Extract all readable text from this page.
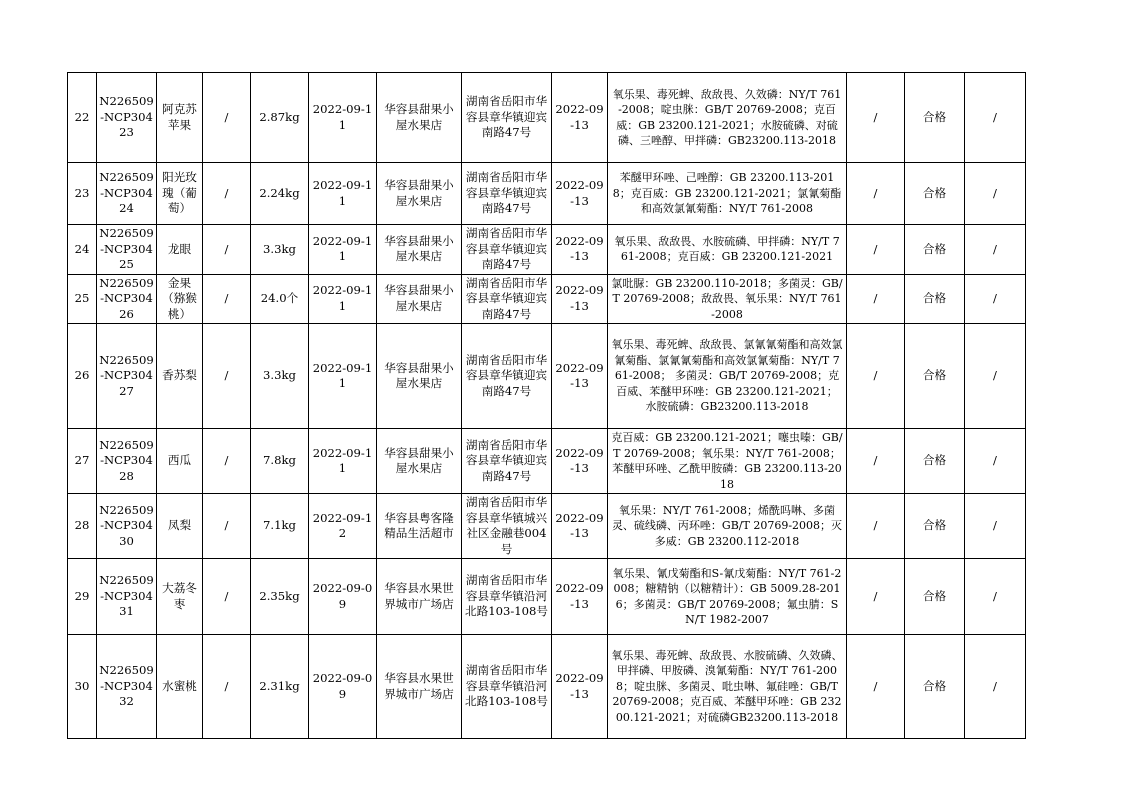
22	N226509-NCP30423	阿克苏苹果	/	2.87kg	2022-09-11	华容县甜果小屋水果店	湖南省岳阳市华容县章华镇迎宾南路47号	2022-09-13	氧乐果、毒死蜱、敌敌畏、久效磷：NY/T 761-2008；啶虫脒：GB/T 20769-2008；克百威：GB 23200.121-2021；水胺硫磷、对硫磷、三唑醇、甲拌磷：GB23200.113-2018	/	合格	/
23	N226509-NCP30424	阳光玫瑰（葡萄）	/	2.24kg	2022-09-11	华容县甜果小屋水果店	湖南省岳阳市华容县章华镇迎宾南路47号	2022-09-13	苯醚甲环唑、己唑醇：GB 23200.113-2018；克百威：GB 23200.121-2021；氯氰菊酯和高效氯氰菊酯：NY/T 761-2008	/	合格	/
24	N226509-NCP30425	龙眼	/	3.3kg	2022-09-11	华容县甜果小屋水果店	湖南省岳阳市华容县章华镇迎宾南路47号	2022-09-13	氧乐果、敌敌畏、水胺硫磷、甲拌磷：NY/T 761-2008；克百威：GB 23200.121-2021	/	合格	/
25	N226509-NCP30426	金果（猕猴桃）	/	24.0个	2022-09-11	华容县甜果小屋水果店	湖南省岳阳市华容县章华镇迎宾南路47号	2022-09-13	氯吡脲：GB 23200.110-2018；多菌灵：GB/T 20769-2008；敌敌畏、氧乐果：NY/T 761-2008	/	合格	/
26	N226509-NCP30427	香苏梨	/	3.3kg	2022-09-11	华容县甜果小屋水果店	湖南省岳阳市华容县章华镇迎宾南路47号	2022-09-13	氧乐果、毒死蜱、敌敌畏、氯氰氰菊酯和高效氯氰菊酯、氯氰氰菊酯和高效氯氰菊酯：NY/T 761-2008； 多菌灵：GB/T 20769-2008；克百威、苯醚甲环唑：GB 23200.121-2021；水胺硫磷：GB23200.113-2018	/	合格	/
27	N226509-NCP30428	西瓜	/	7.8kg	2022-09-11	华容县甜果小屋水果店	湖南省岳阳市华容县章华镇迎宾南路47号	2022-09-13	克百威：GB 23200.121-2021；噻虫嗪：GB/T 20769-2008；氧乐果：NY/T 761-2008；苯醚甲环唑、乙酰甲胺磷：GB 23200.113-2018	/	合格	/
28	N226509-NCP30430	凤梨	/	7.1kg	2022-09-12	华容县粤客隆精品生活超市	湖南省岳阳市华容县章华镇城兴社区金融巷004号	2022-09-13	氧乐果：NY/T 761-2008；烯酰吗啉、多菌灵、硫线磷、丙环唑：GB/T 20769-2008；灭多威：GB 23200.112-2018	/	合格	/
29	N226509-NCP30431	大荔冬枣	/	2.35kg	2022-09-09	华容县水果世界城市广场店	湖南省岳阳市华容县章华镇沿河北路103-108号	2022-09-13	氧乐果、氰戊菊酯和S-氰戊菊酯：NY/T 761-2008；糖精钠（以糖精计）：GB 5009.28-2016；多菌灵：GB/T 20769-2008；氟虫腈：SN/T 1982-2007	/	合格	/
30	N226509-NCP30432	水蜜桃	/	2.31kg	2022-09-09	华容县水果世界城市广场店	湖南省岳阳市华容县章华镇沿河北路103-108号	2022-09-13	氧乐果、毒死蜱、敌敌畏、水胺硫磷、久效磷、甲拌磷、甲胺磷、溴氰菊酯：NY/T 761-2008；啶虫脒、多菌灵、吡虫啉、氟硅唑：GB/T 20769-2008；克百威、苯醚甲环唑：GB 23200.121-2021；对硫磷GB23200.113-2018	/	合格	/
